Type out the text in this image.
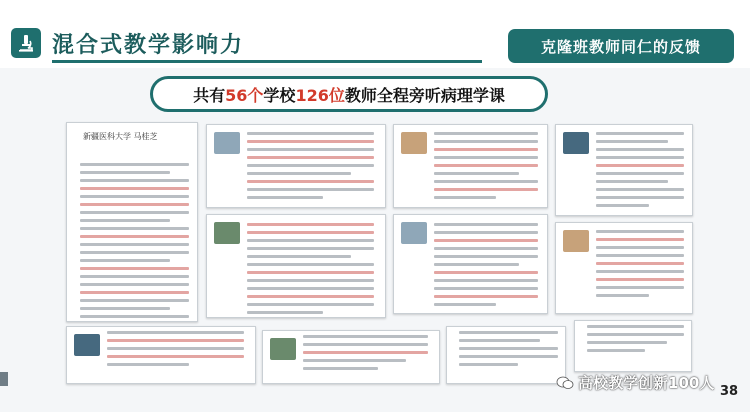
混合式教学影响力	克隆班教师同仁的反馈
共有 56个 学校 126位 教师全程旁听病理学课
新疆医科大学 马桂芝
高校教学创新100人 38
